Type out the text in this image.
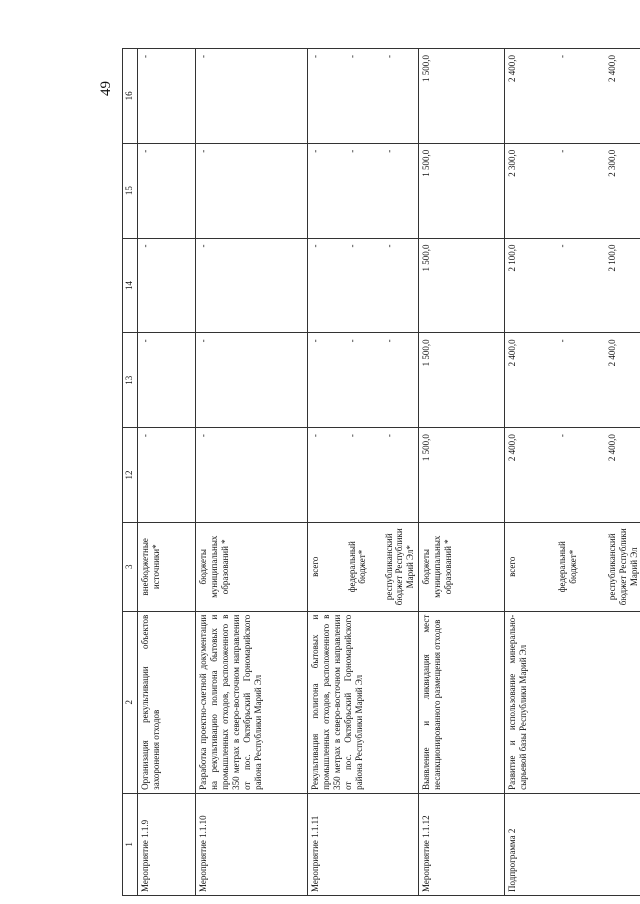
49
1	2	3	12	13	14	15	16
Мероприятие 1.1.9	Организация рекультивации объектов захоронения отходов	внебюджетные источники*	-	-	-	-	-
Мероприятие 1.1.10	Разработка проектно-сметной документации на рекультивацию полигона бытовых и промышленных отходов, расположенного в 350 метрах в северо-восточном направлении от пос. Октябрьский Горномарийского района Республики Марий Эл	бюджеты муниципальных образований *	-	-	-	-	-
Мероприятие 1.1.11	Рекультивация полигона бытовых и промышленных отходов, расположенного в 350 метрах в северо-восточном направлении от пос. Октябрьский Горномарийского района Республики Марий Эл	всего	-	-	-	-	-
		федеральный бюджет*	-	-	-	-	-
		республиканский бюджет Республики Марий Эл*	-	-	-	-	-
Мероприятие 1.1.12	Выявление и ликвидация мест несанкционированного размещения отходов	бюджеты муниципальных образований *	1 500,0	1 500,0	1 500,0	1 500,0	1 500,0
Подпрограмма 2	Развитие и использование минерально-сырьевой базы Республики Марий Эл	всего	2 400,0	2 400,0	2 100,0	2 300,0	2 400,0
		федеральный бюджет*	-	-	-	-	-
		республиканский бюджет Республики Марий Эл	2 400,0	2 400,0	2 100,0	2 300,0	2 400,0
